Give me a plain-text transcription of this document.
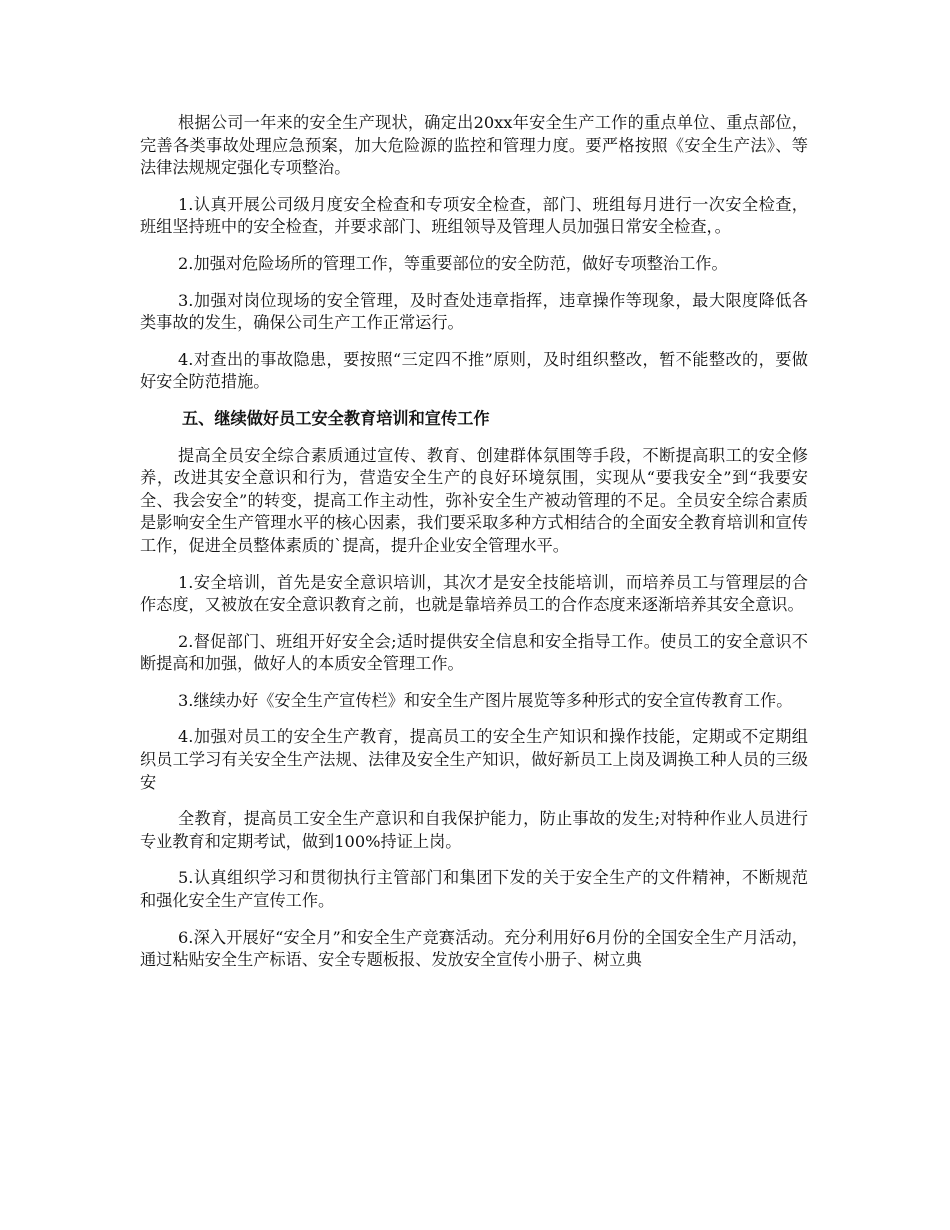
根据公司一年来的安全生产现状，确定出20xx年安全生产工作的重点单位、重点部位，完善各类事故处理应急预案，加大危险源的监控和管理力度。要严格按照《安全生产法》、等法律法规规定强化专项整治。

1.认真开展公司级月度安全检查和专项安全检查，部门、班组每月进行一次安全检查，班组坚持班中的安全检查，并要求部门、班组领导及管理人员加强日常安全检查，。

2.加强对危险场所的管理工作，等重要部位的安全防范，做好专项整治工作。

3.加强对岗位现场的安全管理，及时查处违章指挥，违章操作等现象，最大限度降低各类事故的发生，确保公司生产工作正常运行。

4.对查出的事故隐患，要按照“三定四不推”原则，及时组织整改，暂不能整改的，要做好安全防范措施。

五、继续做好员工安全教育培训和宣传工作

提高全员安全综合素质通过宣传、教育、创建群体氛围等手段，不断提高职工的安全修养，改进其安全意识和行为，营造安全生产的良好环境氛围，实现从“要我安全”到“我要安全、我会安全”的转变，提高工作主动性，弥补安全生产被动管理的不足。全员安全综合素质是影响安全生产管理水平的核心因素，我们要采取多种方式相结合的全面安全教育培训和宣传工作，促进全员整体素质的`提高，提升企业安全管理水平。

1.安全培训，首先是安全意识培训，其次才是安全技能培训，而培养员工与管理层的合作态度，又被放在安全意识教育之前，也就是靠培养员工的合作态度来逐渐培养其安全意识。

2.督促部门、班组开好安全会;适时提供安全信息和安全指导工作。使员工的安全意识不断提高和加强，做好人的本质安全管理工作。

3.继续办好《安全生产宣传栏》和安全生产图片展览等多种形式的安全宣传教育工作。

4.加强对员工的安全生产教育，提高员工的安全生产知识和操作技能，定期或不定期组织员工学习有关安全生产法规、法律及安全生产知识，做好新员工上岗及调换工种人员的三级安

全教育，提高员工安全生产意识和自我保护能力，防止事故的发生;对特种作业人员进行专业教育和定期考试，做到100%持证上岗。

5.认真组织学习和贯彻执行主管部门和集团下发的关于安全生产的文件精神，不断规范和强化安全生产宣传工作。

6.深入开展好“安全月”和安全生产竞赛活动。充分利用好6月份的全国安全生产月活动，通过粘贴安全生产标语、安全专题板报、发放安全宣传小册子、树立典
